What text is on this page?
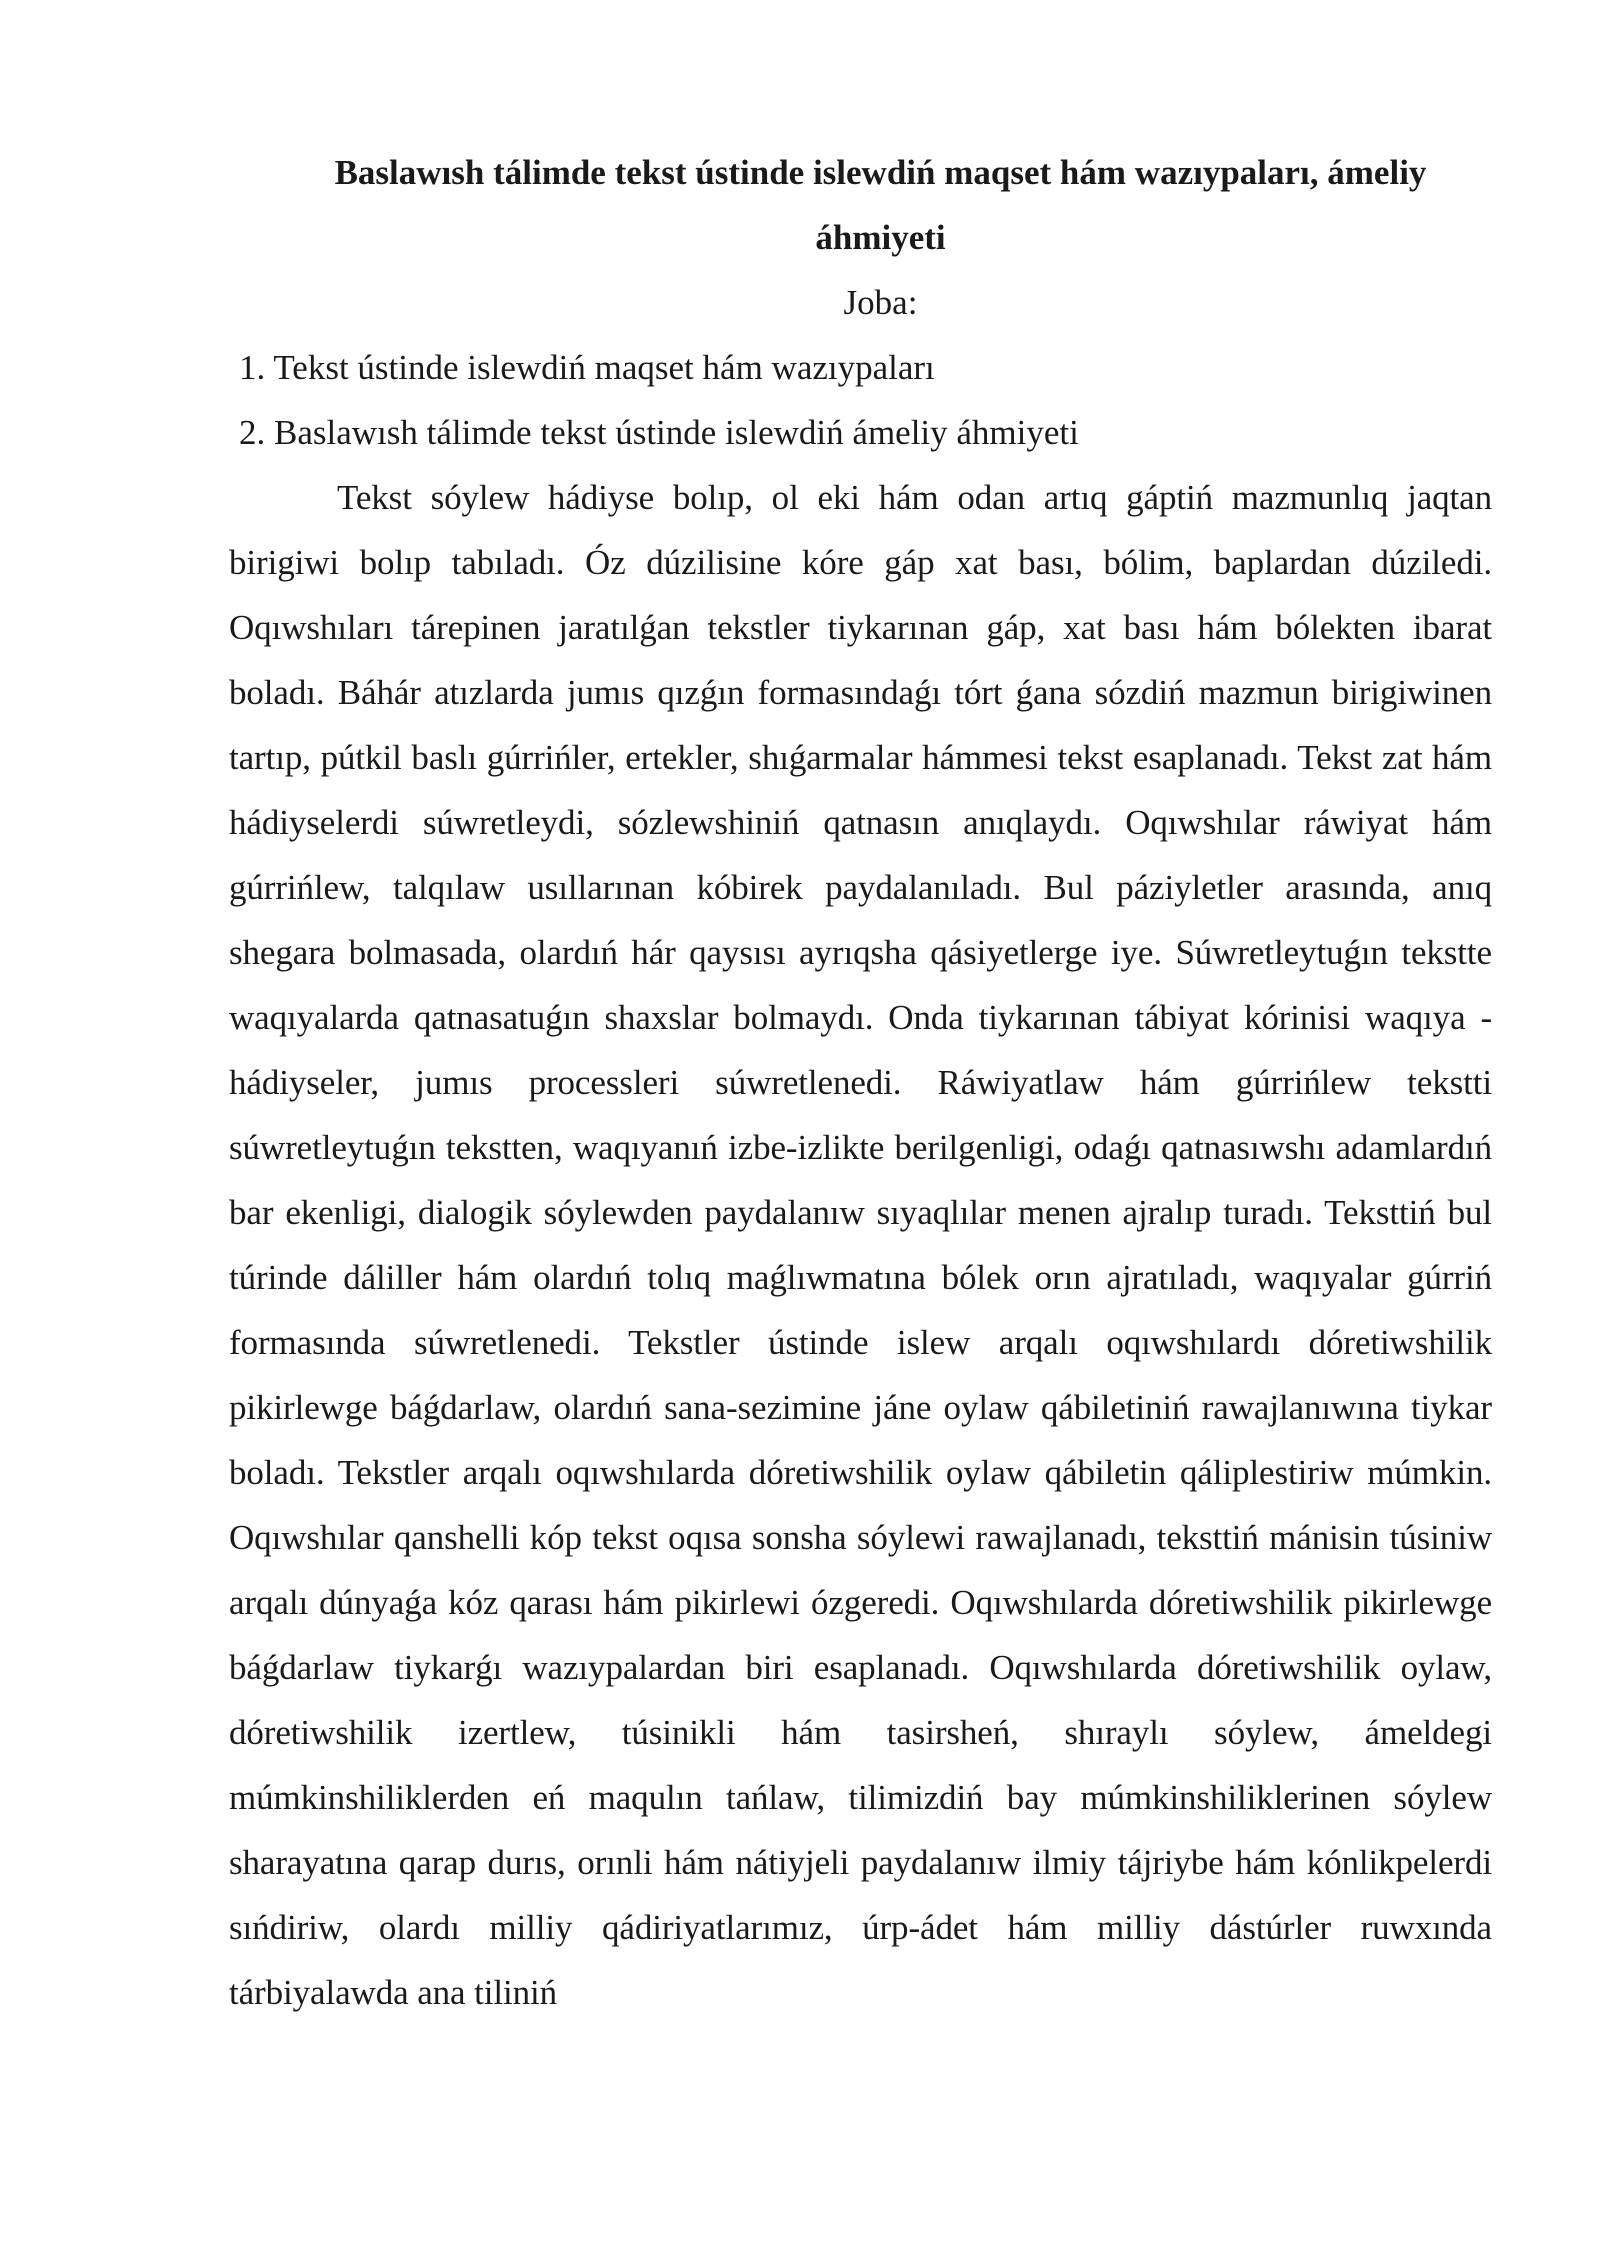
Baslawısh tálimde tekst ústinde islewdiń maqset hám wazıypaları, ámeliy áhmiyeti

Joba:

1. Tekst ústinde islewdiń maqset hám wazıypaları
2. Baslawısh tálimde tekst ústinde islewdiń ámeliy áhmiyeti

Tekst sóylew hádiyse bolıp, ol eki hám odan artıq gáptiń mazmunlıq jaqtan birigiwi bolıp tabıladı. Óz dúzilisine kóre gáp xat bası, bólim, baplardan dúziledi. Oqıwshıları tárepinen jaratılǵan tekstler tiykarınan gáp, xat bası hám bólekten ibarat boladı. Báhár atızlarda jumıs qızǵın formasındaǵı tórt ǵana sózdiń mazmun birigiwinen tartıp, pútkil baslı gúrrińler, ertekler, shıǵarmalar hámmesi tekst esaplanadı. Tekst zat hám hádiyselerdi súwretleydi, sózlewshiniń qatnasın anıqlaydı. Oqıwshılar ráwiyat hám gúrrińlew, talqılaw usıllarınan kóbirek paydalanıladı. Bul páziyletler arasında, anıq shegara bolmasada, olardıń hár qaysısı ayrıqsha qásiyetlerge iye. Súwretleytuǵın tekstte waqıyalarda qatnasatuǵın shaxslar bolmaydı. Onda tiykarınan tábiyat kórinisi waqıya - hádiyseler, jumıs processleri súwretlenedi. Ráwiyatlaw hám gúrrińlew tekstti súwretleytuǵın tekstten, waqıyanıń izbe-izlikte berilgenligi, odaǵı qatnasıwshı adamlardıń bar ekenligi, dialogik sóylewden paydalanıw sıyaqlılar menen ajralıp turadı. Teksttiń bul túrinde dáliller hám olardıń tolıq maǵlıwmatına bólek orın ajratıladı, waqıyalar gúrriń formasında súwretlenedi. Tekstler ústinde islew arqalı oqıwshılardı dóretiwshilik pikirlewge báǵdarlaw, olardıń sana-sezimine jáne oylaw qábiletiniń rawajlanıwına tiykar boladı. Tekstler arqalı oqıwshılarda dóretiwshilik oylaw qábiletin qáliplestiriw múmkin. Oqıwshılar qanshelli kóp tekst oqısa sonsha sóylewi rawajlanadı, teksttiń mánisin túsiniw arqalı dúnyaǵa kóz qarası hám pikirlewi ózgeredi. Oqıwshılarda dóretiwshilik pikirlewge báǵdarlaw tiykarǵı wazıypalardan biri esaplanadı. Oqıwshılarda dóretiwshilik oylaw, dóretiwshilik izertlew, túsinikli hám tasirsheń, shıraylı sóylew, ámeldegi múmkinshiliklerden eń maqulın tańlaw, tilimizdiń bay múmkinshiliklerinen sóylew sharayatına qarap durıs, orınli hám nátiyjeli paydalanıw ilmiy tájriybe hám kónlikpelerdi sıńdiriw, olardı milliy qádiriyatlarımız, úrp-ádet hám milliy dástúrler ruwxında tárbiyalawda ana tiliniń
